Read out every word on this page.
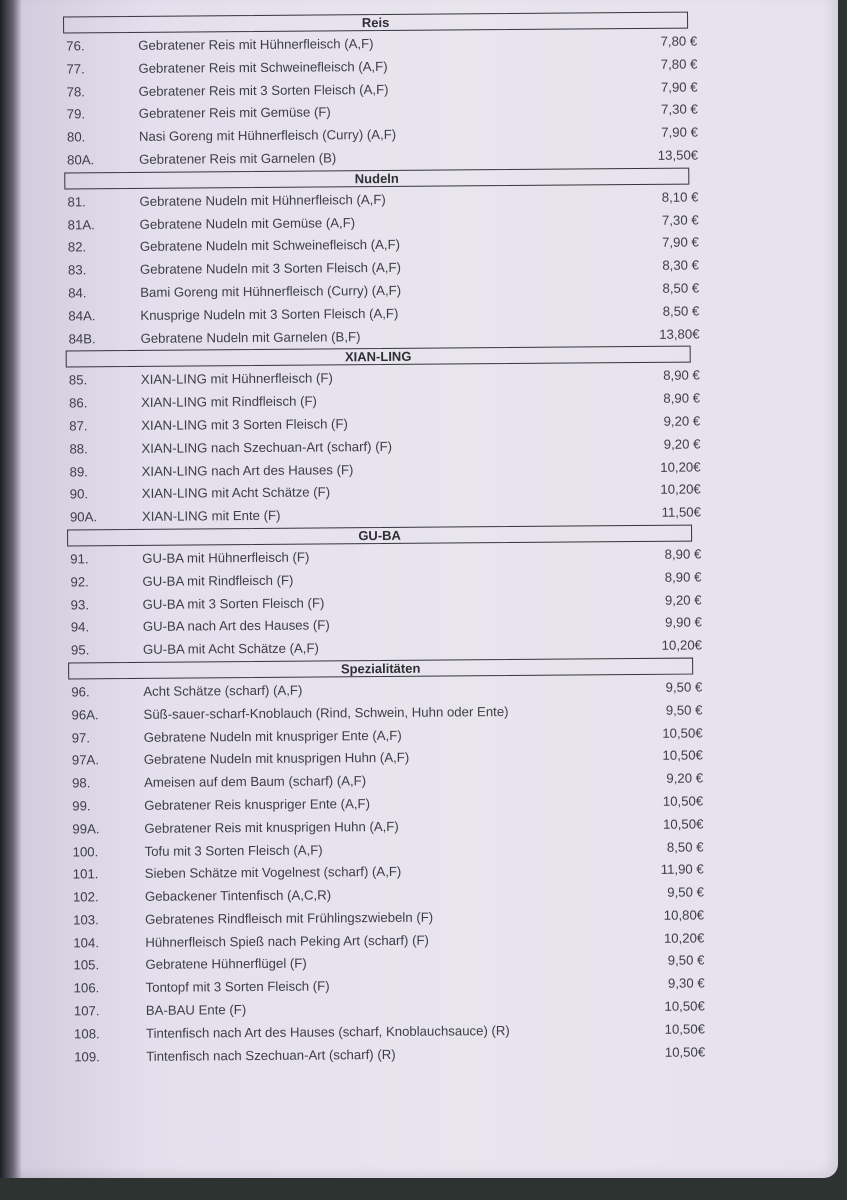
Reis
76.	Gebratener Reis mit Hühnerfleisch (A,F)	7,80 €
77.	Gebratener Reis mit Schweinefleisch (A,F)	7,80 €
78.	Gebratener Reis mit 3 Sorten Fleisch (A,F)	7,90 €
79.	Gebratener Reis mit Gemüse (F)	7,30 €
80.	Nasi Goreng mit Hühnerfleisch (Curry) (A,F)	7,90 €
80A.	Gebratener Reis mit Garnelen (B)	13,50€
Nudeln
81.	Gebratene Nudeln mit Hühnerfleisch (A,F)	8,10 €
81A.	Gebratene Nudeln mit Gemüse (A,F)	7,30 €
82.	Gebratene Nudeln mit Schweinefleisch (A,F)	7,90 €
83.	Gebratene Nudeln mit 3 Sorten Fleisch (A,F)	8,30 €
84.	Bami Goreng mit Hühnerfleisch (Curry) (A,F)	8,50 €
84A.	Knusprige Nudeln mit 3 Sorten Fleisch (A,F)	8,50 €
84B.	Gebratene Nudeln mit Garnelen (B,F)	13,80€
XIAN-LING
85.	XIAN-LING mit Hühnerfleisch (F)	8,90 €
86.	XIAN-LING mit Rindfleisch (F)	8,90 €
87.	XIAN-LING mit 3 Sorten Fleisch (F)	9,20 €
88.	XIAN-LING nach Szechuan-Art (scharf) (F)	9,20 €
89.	XIAN-LING nach Art des Hauses (F)	10,20€
90.	XIAN-LING mit Acht Schätze (F)	10,20€
90A.	XIAN-LING mit Ente (F)	11,50€
GU-BA
91.	GU-BA mit Hühnerfleisch (F)	8,90 €
92.	GU-BA mit Rindfleisch (F)	8,90 €
93.	GU-BA mit 3 Sorten Fleisch (F)	9,20 €
94.	GU-BA nach Art des Hauses (F)	9,90 €
95.	GU-BA mit Acht Schätze (A,F)	10,20€
Spezialitäten
96.	Acht Schätze (scharf) (A,F)	9,50 €
96A.	Süß-sauer-scharf-Knoblauch (Rind, Schwein, Huhn oder Ente)	9,50 €
97.	Gebratene Nudeln mit knuspriger Ente (A,F)	10,50€
97A.	Gebratene Nudeln mit knusprigen Huhn (A,F)	10,50€
98.	Ameisen auf dem Baum (scharf) (A,F)	9,20 €
99.	Gebratener Reis knuspriger Ente (A,F)	10,50€
99A.	Gebratener Reis mit knusprigen Huhn (A,F)	10,50€
100.	Tofu mit 3 Sorten Fleisch (A,F)	8,50 €
101.	Sieben Schätze mit Vogelnest (scharf) (A,F)	11,90 €
102.	Gebackener Tintenfisch (A,C,R)	9,50 €
103.	Gebratenes Rindfleisch mit Frühlingszwiebeln (F)	10,80€
104.	Hühnerfleisch Spieß nach Peking Art (scharf) (F)	10,20€
105.	Gebratene Hühnerflügel (F)	9,50 €
106.	Tontopf mit 3 Sorten Fleisch (F)	9,30 €
107.	BA-BAU Ente (F)	10,50€
108.	Tintenfisch nach Art des Hauses (scharf, Knoblauchsauce) (R)	10,50€
109.	Tintenfisch nach Szechuan-Art (scharf) (R)	10,50€
